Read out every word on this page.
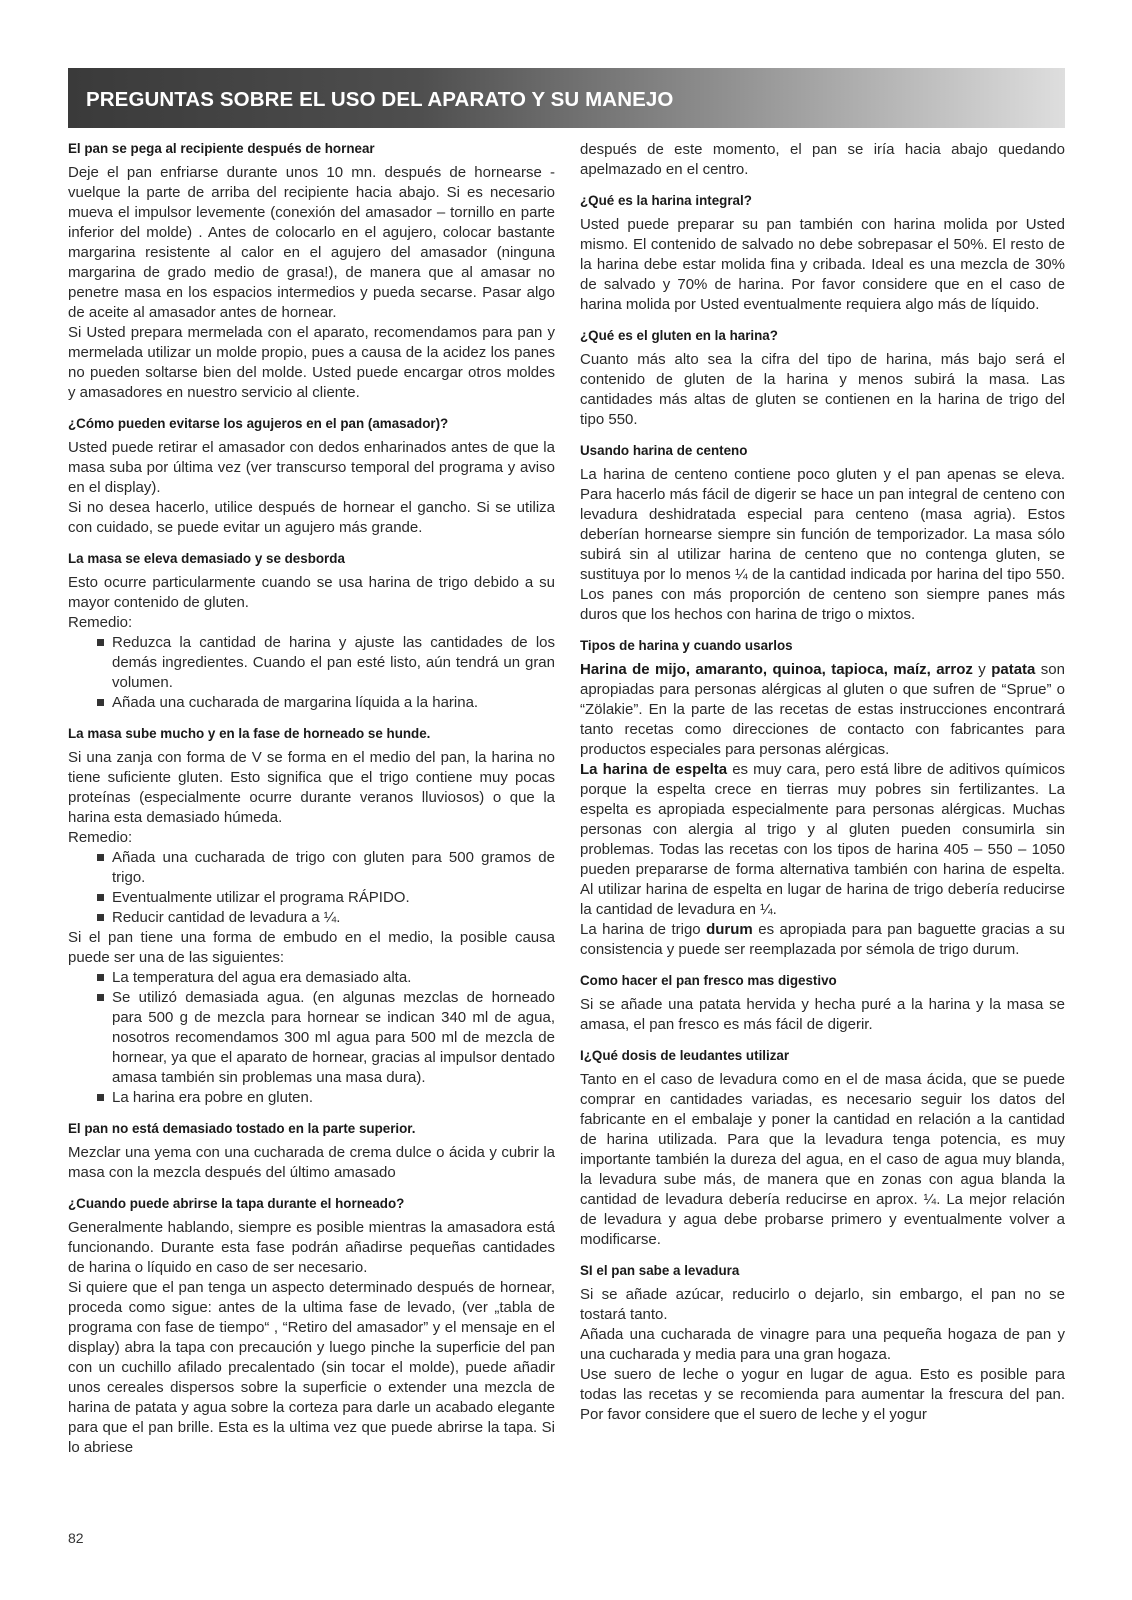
PREGUNTAS SOBRE EL USO DEL APARATO Y SU MANEJO
El pan se pega al recipiente después de hornear

Deje el pan enfriarse durante unos 10 mn. después de hornearse - vuelque la parte de arriba del recipiente hacia abajo. Si es necesario mueva el impulsor levemente (conexión del amasador – tornillo en parte inferior del molde) . Antes de colocarlo en el agujero, colocar bastante margarina resistente al calor en el agujero del amasador (ninguna margarina de grado medio de grasa!), de manera que al amasar no penetre masa en los espacios intermedios y pueda secarse. Pasar algo de aceite al amasador antes de hornear.

Si Usted prepara mermelada con el aparato, recomendamos para pan y mermelada utilizar un molde propio, pues a causa de la acidez los panes no pueden soltarse bien del molde. Usted puede encargar otros moldes y amasadores en nuestro servicio al cliente.

¿Cómo pueden evitarse los agujeros en el pan (amasador)?

Usted puede retirar el amasador con dedos enharinados antes de que la masa suba por última vez (ver transcurso temporal del programa y aviso en el display).

Si no desea hacerlo, utilice después de hornear el gancho. Si se utiliza con cuidado, se puede evitar un agujero más grande.

La masa se eleva demasiado y se desborda

Esto ocurre particularmente cuando se usa harina de trigo debido a su mayor contenido de gluten.

Remedio:

Reduzca la cantidad de harina y ajuste las cantidades de los demás ingredientes. Cuando el pan esté listo, aún tendrá un gran volumen.
Añada una cucharada de margarina líquida a la harina.
La masa sube mucho y en la fase de horneado se hunde.

Si una zanja con forma de V se forma en el medio del pan, la harina no tiene suficiente gluten. Esto significa que el trigo contiene muy pocas proteínas (especialmente ocurre durante veranos lluviosos) o que la harina esta demasiado húmeda.

Remedio:

Añada una cucharada de trigo con gluten para 500 gramos de trigo.
Eventualmente utilizar el programa RÁPIDO.
Reducir cantidad de levadura a ¼.

Si el pan tiene una forma de embudo en el medio, la posible causa puede ser una de las siguientes:

La temperatura del agua era demasiado alta.
Se utilizó demasiada agua. (en algunas mezclas de horneado para 500 g de mezcla para hornear se indican 340 ml de agua, nosotros recomendamos 300 ml agua para 500 ml de mezcla de hornear, ya que el aparato de hornear, gracias al impulsor dentado amasa también sin problemas una masa dura).
La harina era pobre en gluten.
El pan no está demasiado tostado en la parte superior.

Mezclar una yema con una cucharada de crema dulce o ácida y cubrir la masa con la mezcla después del último amasado

¿Cuando puede abrirse la tapa durante el horneado?

Generalmente hablando, siempre es posible mientras la amasadora está funcionando. Durante esta fase podrán añadirse pequeñas cantidades de harina o líquido en caso de ser necesario.

Si quiere que el pan tenga un aspecto determinado después de hornear, proceda como sigue: antes de la ultima fase de levado, (ver „tabla de programa con fase de tiempo“ , “Retiro del amasador” y el mensaje en el display) abra la tapa con precaución y luego pinche la superficie del pan con un cuchillo afilado precalentado (sin tocar el molde), puede añadir unos cereales dispersos sobre la superficie o extender una mezcla de harina de patata y agua sobre la corteza para darle un acabado elegante para que el pan brille. Esta es la ultima vez que puede abrirse la tapa. Si lo abriese

después de este momento, el pan se iría hacia abajo quedando apelmazado en el centro.

¿Qué es la harina integral?

Usted puede preparar su pan también con harina molida por Usted mismo. El contenido de salvado no debe sobrepasar el 50%. El resto de la harina debe estar molida fina y cribada. Ideal es una mezcla de 30% de salvado y 70% de harina. Por favor considere que en el caso de harina molida por Usted eventualmente requiera algo más de líquido.

¿Qué es el gluten en la harina?

Cuanto más alto sea la cifra del tipo de harina, más bajo será el contenido de gluten de la harina y menos subirá la masa. Las cantidades más altas de gluten se contienen en la harina de trigo del tipo 550.

Usando harina de centeno

La harina de centeno contiene poco gluten y el pan apenas se eleva. Para hacerlo más fácil de digerir se hace un pan integral de centeno con levadura deshidratada especial para centeno (masa agria). Estos deberían hornearse siempre sin función de temporizador. La masa sólo subirá sin al utilizar harina de centeno que no contenga gluten, se sustituya por lo menos ¼ de la cantidad indicada por harina del tipo 550. Los panes con más proporción de centeno son siempre panes más duros que los hechos con harina de trigo o mixtos.

Tipos de harina y cuando usarlos

Harina de mijo, amaranto, quinoa, tapioca, maíz, arroz y patata son apropiadas para personas alérgicas al gluten o que sufren de “Sprue” o “Zölakie”. En la parte de las recetas de estas instrucciones encontrará tanto recetas como direcciones de contacto con fabricantes para productos especiales para personas alérgicas.

La harina de espelta es muy cara, pero está libre de aditivos químicos porque la espelta crece en tierras muy pobres sin fertilizantes. La espelta es apropiada especialmente para personas alérgicas. Muchas personas con alergia al trigo y al gluten pueden consumirla sin problemas. Todas las recetas con los tipos de harina 405 – 550 – 1050 pueden prepararse de forma alternativa también con harina de espelta. Al utilizar harina de espelta en lugar de harina de trigo debería reducirse la cantidad de levadura en ¼.

La harina de trigo durum es apropiada para pan baguette gracias a su consistencia y puede ser reemplazada por sémola de trigo durum.

Como hacer el pan fresco mas digestivo

Si se añade una patata hervida y hecha puré a la harina y la masa se amasa, el pan fresco es más fácil de digerir.

I¿Qué dosis de leudantes utilizar

Tanto en el caso de levadura como en el de masa ácida, que se puede comprar en cantidades variadas, es necesario seguir los datos del fabricante en el embalaje y poner la cantidad en relación a la cantidad de harina utilizada. Para que la levadura tenga potencia, es muy importante también la dureza del agua, en el caso de agua muy blanda, la levadura sube más, de manera que en zonas con agua blanda la cantidad de levadura debería reducirse en aprox. ¼. La mejor relación de levadura y agua debe probarse primero y eventualmente volver a modificarse.

SI el pan sabe a levadura

Si se añade azúcar, reducirlo o dejarlo, sin embargo, el pan no se tostará tanto.

Añada una cucharada de vinagre para una pequeña hogaza de pan y una cucharada y media para una gran hogaza.

Use suero de leche o yogur en lugar de agua. Esto es posible para todas las recetas y se recomienda para aumentar la frescura del pan. Por favor considere que el suero de leche y el yogur

82
